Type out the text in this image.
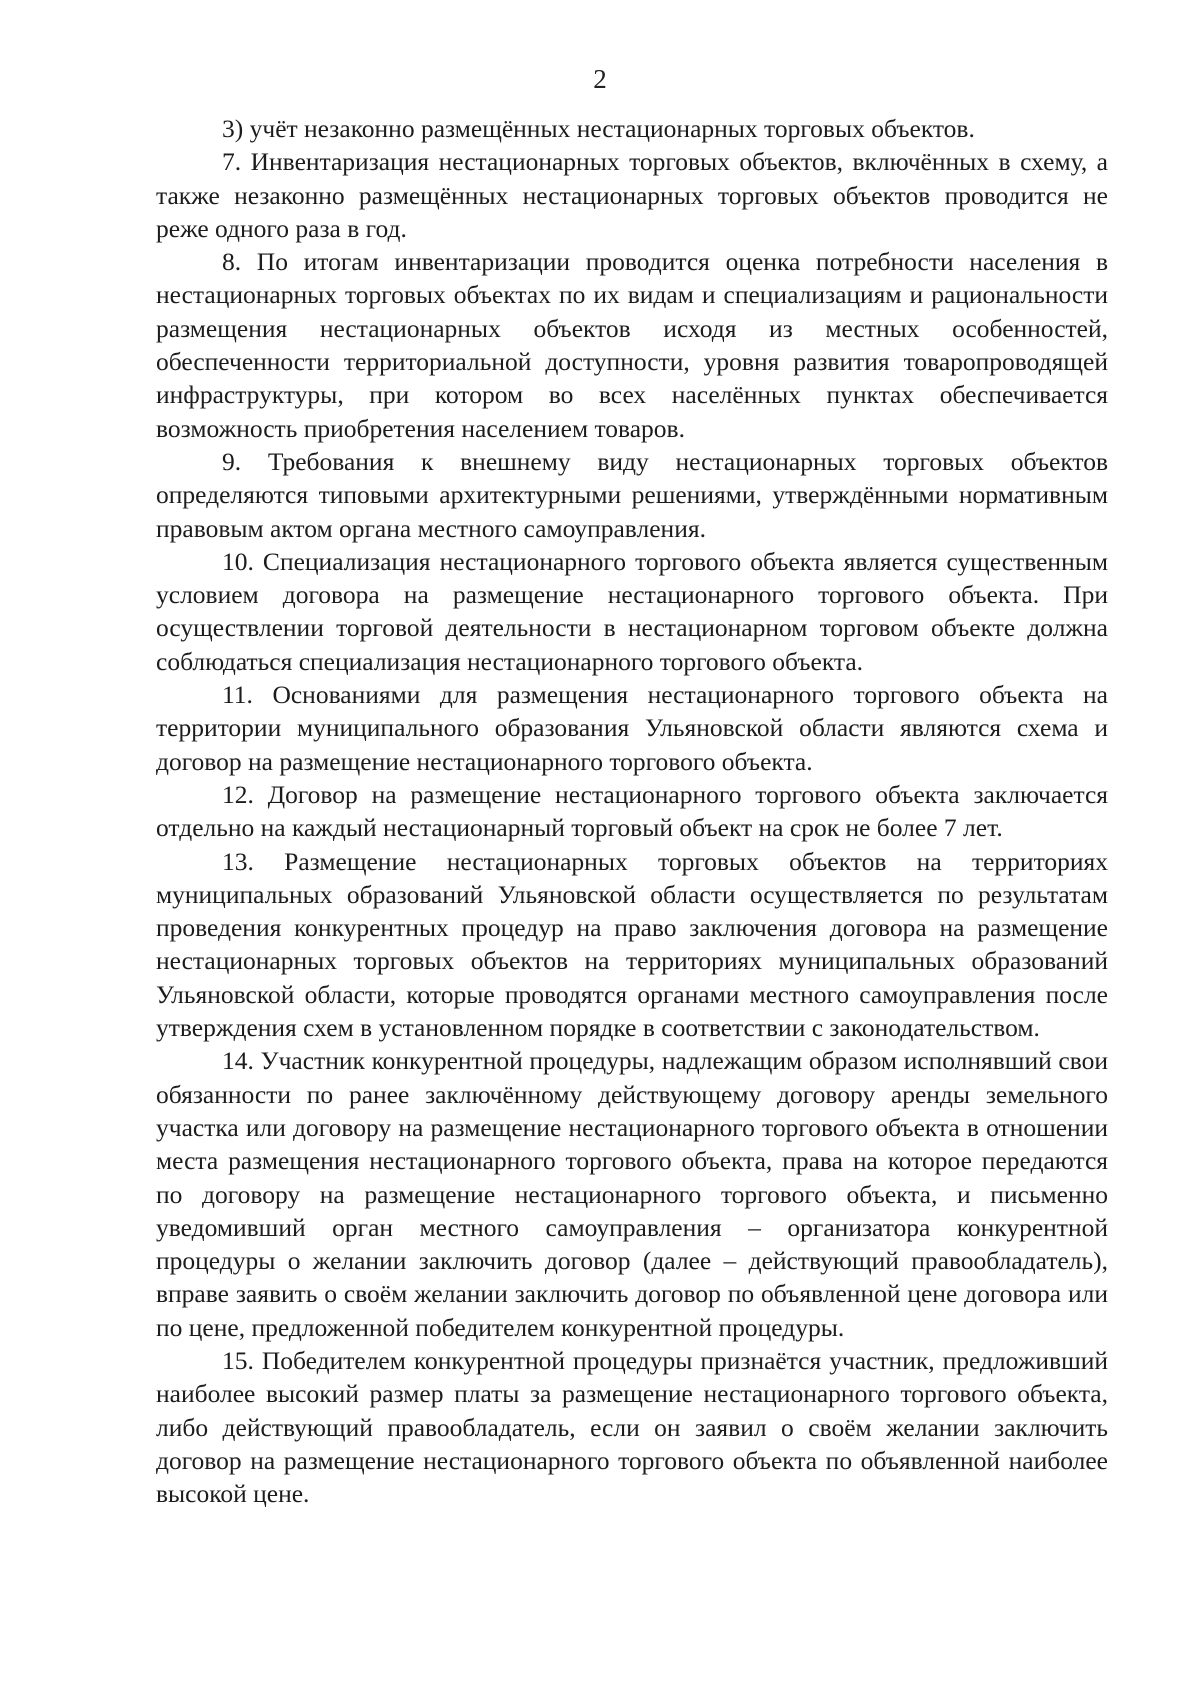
2

3) учёт незаконно размещённых нестационарных торговых объектов.

7. Инвентаризация нестационарных торговых объектов, включённых в схему, а также незаконно размещённых нестационарных торговых объектов проводится не реже одного раза в год.

8. По итогам инвентаризации проводится оценка потребности населения в нестационарных торговых объектах по их видам и специализациям и рациональности размещения нестационарных объектов исходя из местных особенностей, обеспеченности территориальной доступности, уровня развития товаропроводящей инфраструктуры, при котором во всех населённых пунктах обеспечивается возможность приобретения населением товаров.

9. Требования к внешнему виду нестационарных торговых объектов определяются типовыми архитектурными решениями, утверждёнными нормативным правовым актом органа местного самоуправления.

10. Специализация нестационарного торгового объекта является существенным условием договора на размещение нестационарного торгового объекта. При осуществлении торговой деятельности в нестационарном торговом объекте должна соблюдаться специализация нестационарного торгового объекта.

11. Основаниями для размещения нестационарного торгового объекта на территории муниципального образования Ульяновской области являются схема и договор на размещение нестационарного торгового объекта.

12. Договор на размещение нестационарного торгового объекта заключается отдельно на каждый нестационарный торговый объект на срок не более 7 лет.

13. Размещение нестационарных торговых объектов на территориях муниципальных образований Ульяновской области осуществляется по результатам проведения конкурентных процедур на право заключения договора на размещение нестационарных торговых объектов на территориях муниципальных образований Ульяновской области, которые проводятся органами местного самоуправления после утверждения схем в установленном порядке в соответствии с законодательством.

14. Участник конкурентной процедуры, надлежащим образом исполнявший свои обязанности по ранее заключённому действующему договору аренды земельного участка или договору на размещение нестационарного торгового объекта в отношении места размещения нестационарного торгового объекта, права на которое передаются по договору на размещение нестационарного торгового объекта, и письменно уведомивший орган местного самоуправления – организатора конкурентной процедуры о желании заключить договор (далее – действующий правообладатель), вправе заявить о своём желании заключить договор по объявленной цене договора или по цене, предложенной победителем конкурентной процедуры.

15. Победителем конкурентной процедуры признаётся участник, предложивший наиболее высокий размер платы за размещение нестационарного торгового объекта, либо действующий правообладатель, если он заявил о своём желании заключить договор на размещение нестационарного торгового объекта по объявленной наиболее высокой цене.
